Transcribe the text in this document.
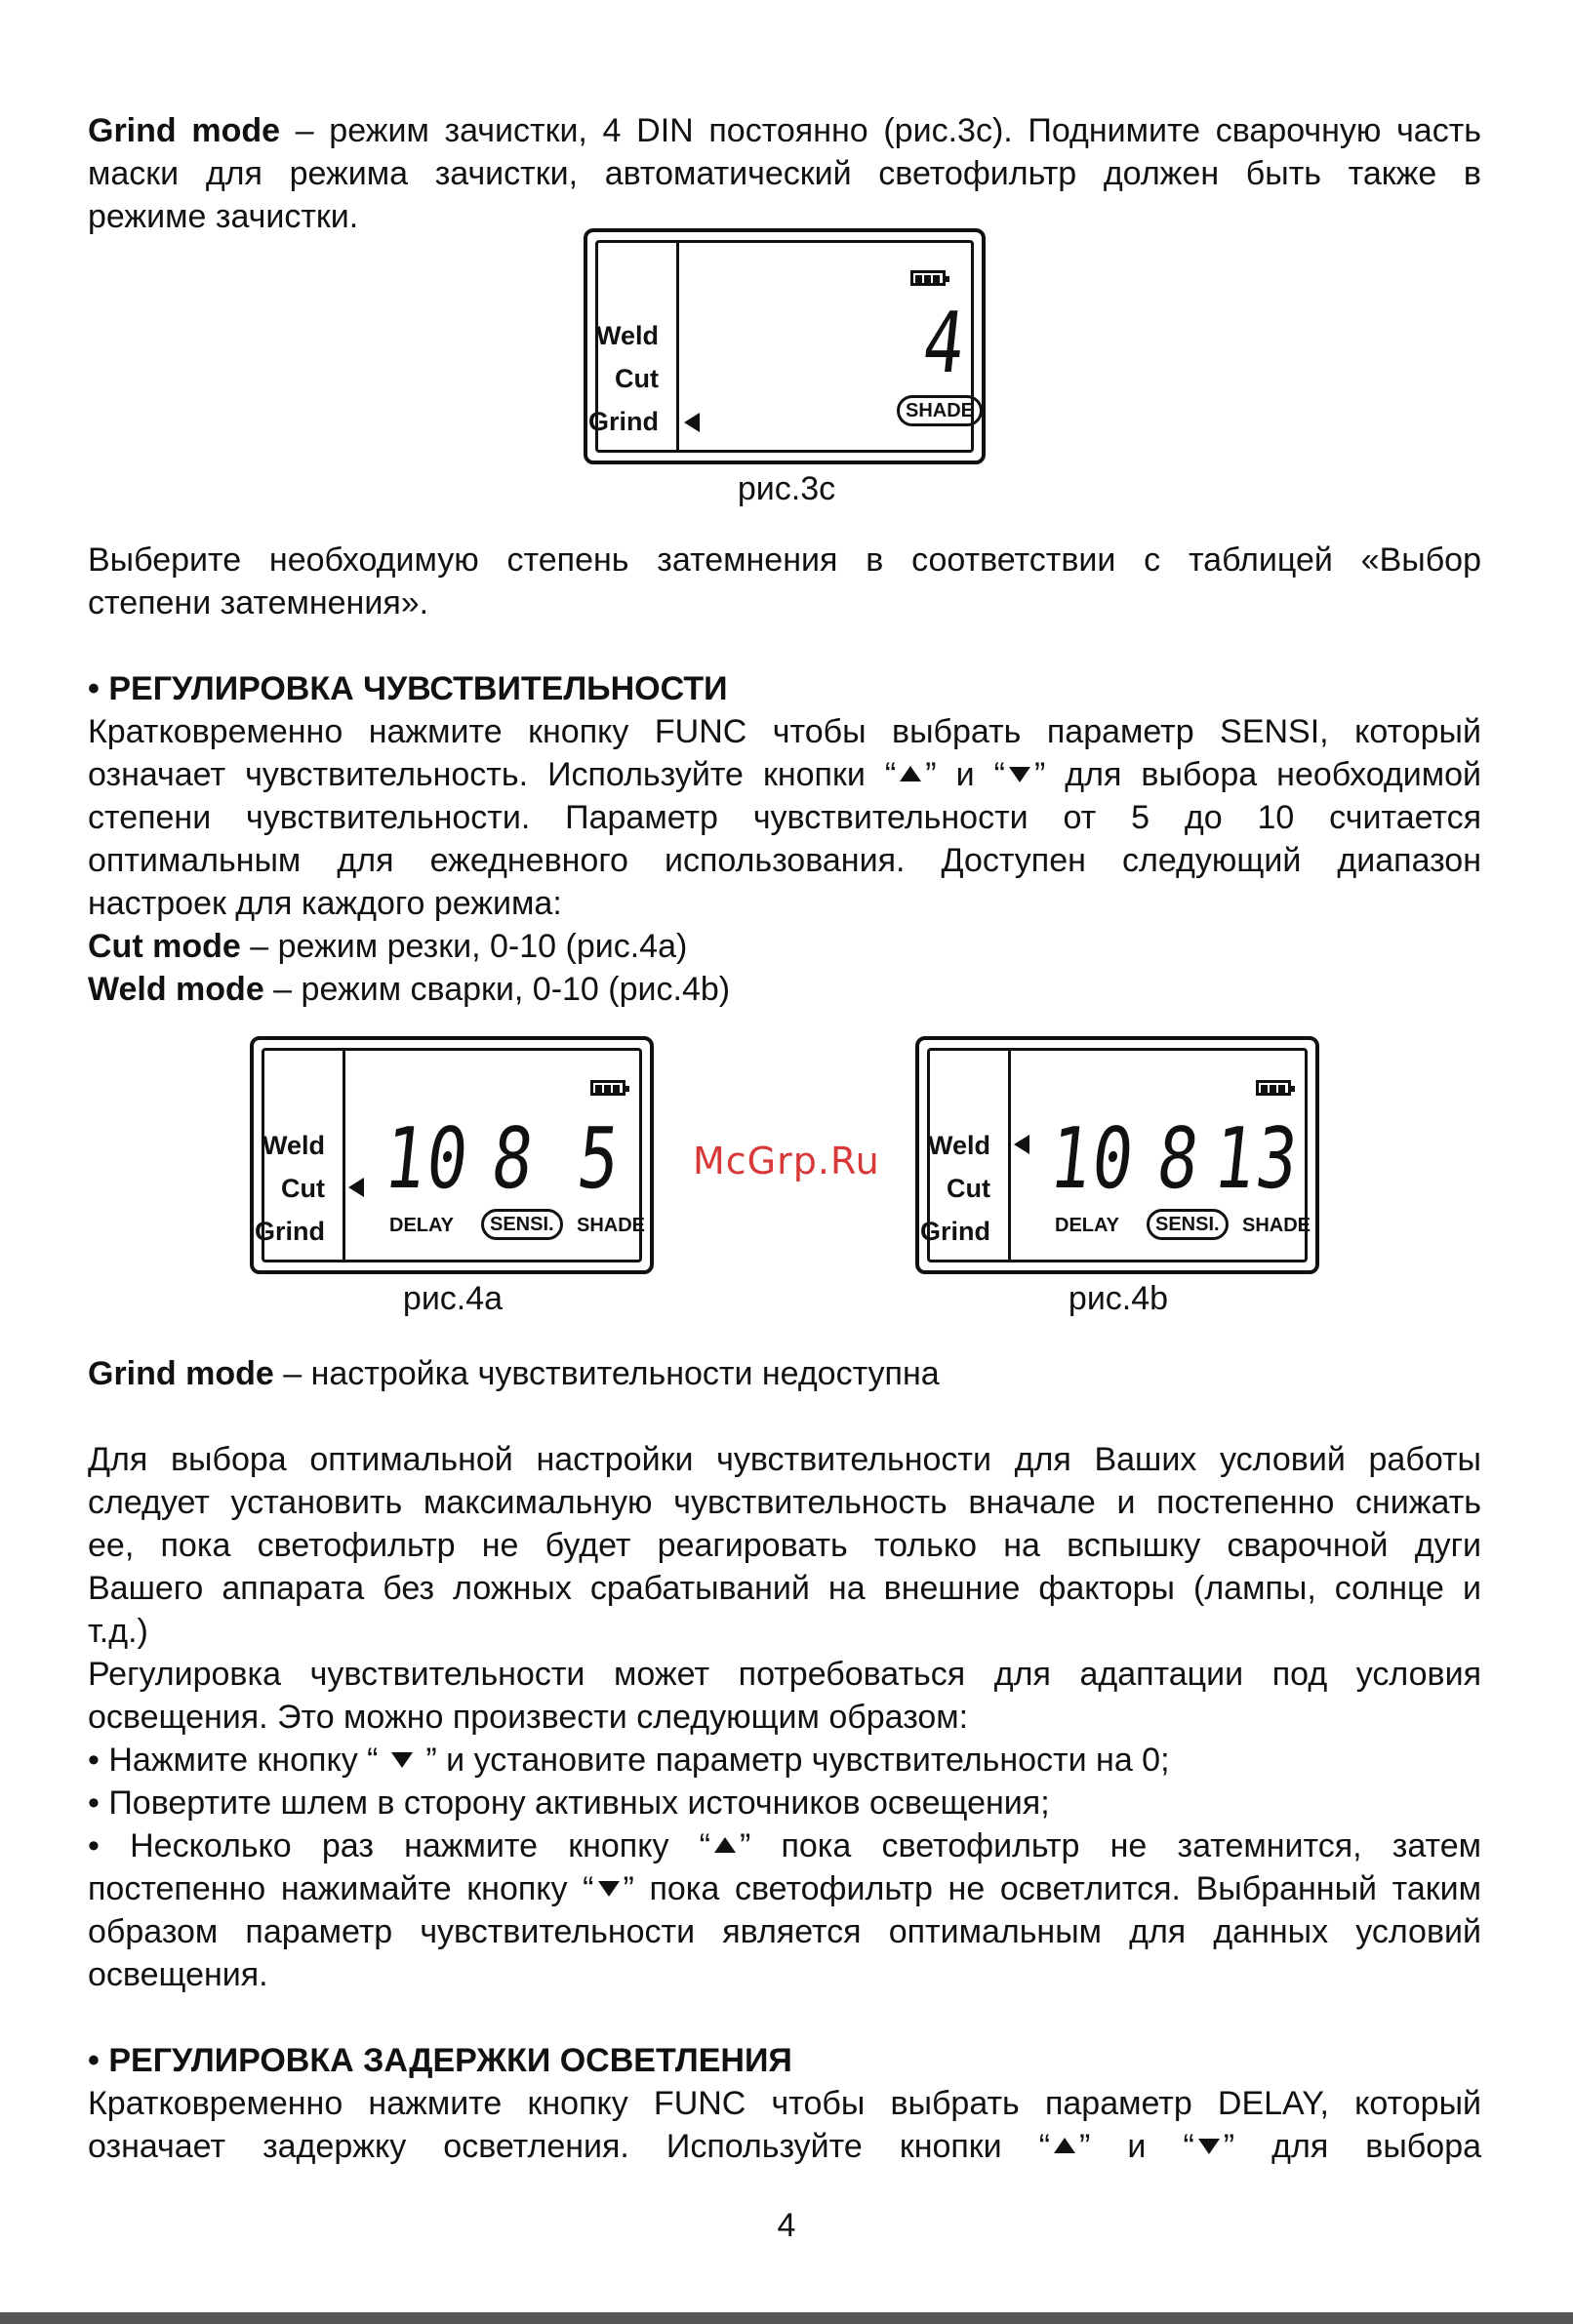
Grind mode – режим зачистки, 4 DIN постоянно (рис.3c). Поднимите сварочную часть

маски для режима зачистки, автоматический светофильтр должен быть также в

режиме зачистки.

Weld
Cut
Grind
4
SHADE
рис.3c

Выберите необходимую степень затемнения в соответствии с таблицей «Выбор

степени затемнения».

• РЕГУЛИРОВКА ЧУВСТВИТЕЛЬНОСТИ

Кратковременно нажмите кнопку FUNC чтобы выбрать параметр SENSI, который

означает чувствительность. Используйте кнопки “ ” и “ ” для выбора необходимой

степени чувствительности. Параметр чувствительности от 5 до 10 считается

оптимальным для ежедневного использования. Доступен следующий диапазон

настроек для каждого режима:

Cut mode – режим резки, 0-10 (рис.4a)

Weld mode – режим сварки, 0-10 (рис.4b)

Weld
Cut
Grind
10 8 5
DELAY	SENSI.	SHADE
рис.4a
Weld
Cut
Grind
10 8 13
DELAY	SENSI.	SHADE
рис.4b
McGrp.Ru

Grind mode – настройка чувствительности недоступна

Для выбора оптимальной настройки чувствительности для Ваших условий работы

следует установить максимальную чувствительность вначале и постепенно снижать

ее, пока светофильтр не будет реагировать только на вспышку сварочной дуги

Вашего аппарата без ложных срабатываний на внешние факторы (лампы, солнце и

т.д.)

Регулировка чувствительности может потребоваться для адаптации под условия

освещения. Это можно произвести следующим образом:

• Нажмите кнопку “  ” и установите параметр чувствительности на 0;

• Повертите шлем в сторону активных источников освещения;

• Несколько раз нажмите кнопку “ ” пока светофильтр не затемнится, затем

постепенно нажимайте кнопку “ ” пока светофильтр не осветлится. Выбранный таким

образом параметр чувствительности является оптимальным для данных условий

освещения.

• РЕГУЛИРОВКА ЗАДЕРЖКИ ОСВЕТЛЕНИЯ

Кратковременно нажмите кнопку FUNC чтобы выбрать параметр DELAY, который

означает задержку осветления. Используйте кнопки “ ” и “ ” для выбора

4
